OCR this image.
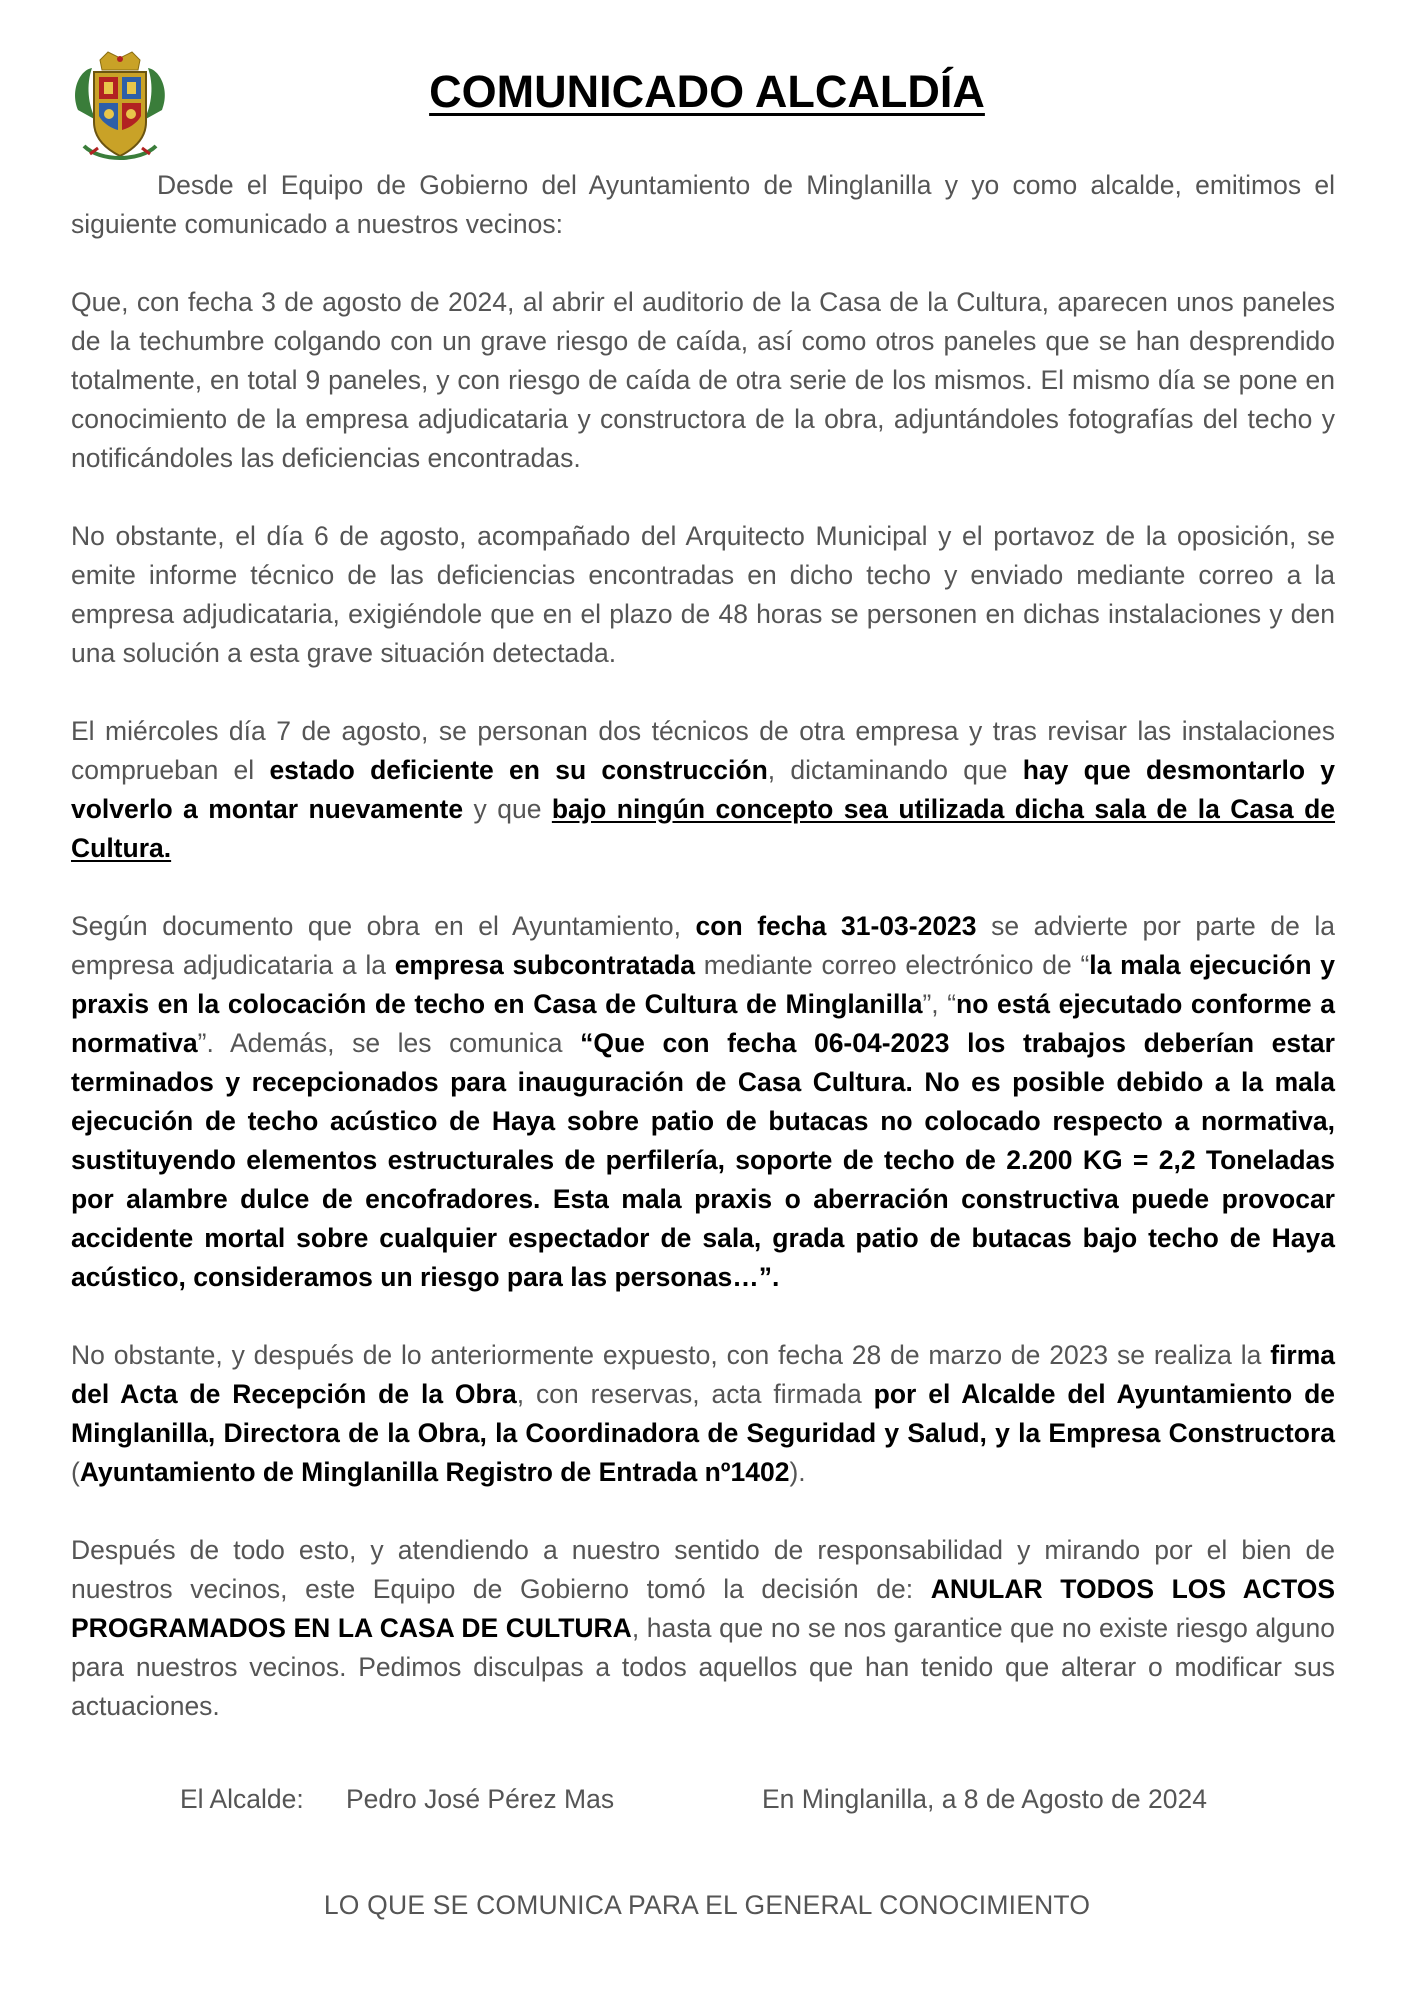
COMUNICADO ALCALDÍA

Desde el Equipo de Gobierno del Ayuntamiento de Minglanilla y yo como alcalde, emitimos el siguiente comunicado a nuestros vecinos:

Que, con fecha 3 de agosto de 2024, al abrir el auditorio de la Casa de la Cultura, aparecen unos paneles de la techumbre colgando con un grave riesgo de caída, así como otros paneles que se han desprendido totalmente, en total 9 paneles, y con riesgo de caída de otra serie de los mismos. El mismo día se pone en conocimiento de la empresa adjudicataria y constructora de la obra, adjuntándoles fotografías del techo y notificándoles las deficiencias encontradas.

No obstante, el día 6 de agosto, acompañado del Arquitecto Municipal y el portavoz de la oposición, se emite informe técnico de las deficiencias encontradas en dicho techo y enviado mediante correo a la empresa adjudicataria, exigiéndole que en el plazo de 48 horas se personen en dichas instalaciones y den una solución a esta grave situación detectada.

El miércoles día 7 de agosto, se personan dos técnicos de otra empresa y tras revisar las instalaciones comprueban el estado deficiente en su construcción, dictaminando que hay que desmontarlo y volverlo a montar nuevamente y que bajo ningún concepto sea utilizada dicha sala de la Casa de Cultura.

Según documento que obra en el Ayuntamiento, con fecha 31-03-2023 se advierte por parte de la empresa adjudicataria a la empresa subcontratada mediante correo electrónico de “la mala ejecución y praxis en la colocación de techo en Casa de Cultura de Minglanilla”, “no está ejecutado conforme a normativa”. Además, se les comunica “Que con fecha 06-04-2023 los trabajos deberían estar terminados y recepcionados para inauguración de Casa Cultura. No es posible debido a la mala ejecución de techo acústico de Haya sobre patio de butacas no colocado respecto a normativa, sustituyendo elementos estructurales de perfilería, soporte de techo de 2.200 KG = 2,2 Toneladas por alambre dulce de encofradores. Esta mala praxis o aberración constructiva puede provocar accidente mortal sobre cualquier espectador de sala, grada patio de butacas bajo techo de Haya acústico, consideramos un riesgo para las personas…”.

No obstante, y después de lo anteriormente expuesto, con fecha 28 de marzo de 2023 se realiza la firma del Acta de Recepción de la Obra, con reservas, acta firmada por el Alcalde del Ayuntamiento de Minglanilla, Directora de la Obra, la Coordinadora de Seguridad y Salud, y la Empresa Constructora (Ayuntamiento de Minglanilla Registro de Entrada nº1402).

Después de todo esto, y atendiendo a nuestro sentido de responsabilidad y mirando por el bien de nuestros vecinos, este Equipo de Gobierno tomó la decisión de: ANULAR TODOS LOS ACTOS PROGRAMADOS EN LA CASA DE CULTURA, hasta que no se nos garantice que no existe riesgo alguno para nuestros vecinos. Pedimos disculpas a todos aquellos que han tenido que alterar o modificar sus actuaciones.

El Alcalde: Pedro José Pérez Mas	En Minglanilla, a 8 de Agosto de 2024
LO QUE SE COMUNICA PARA EL GENERAL CONOCIMIENTO
